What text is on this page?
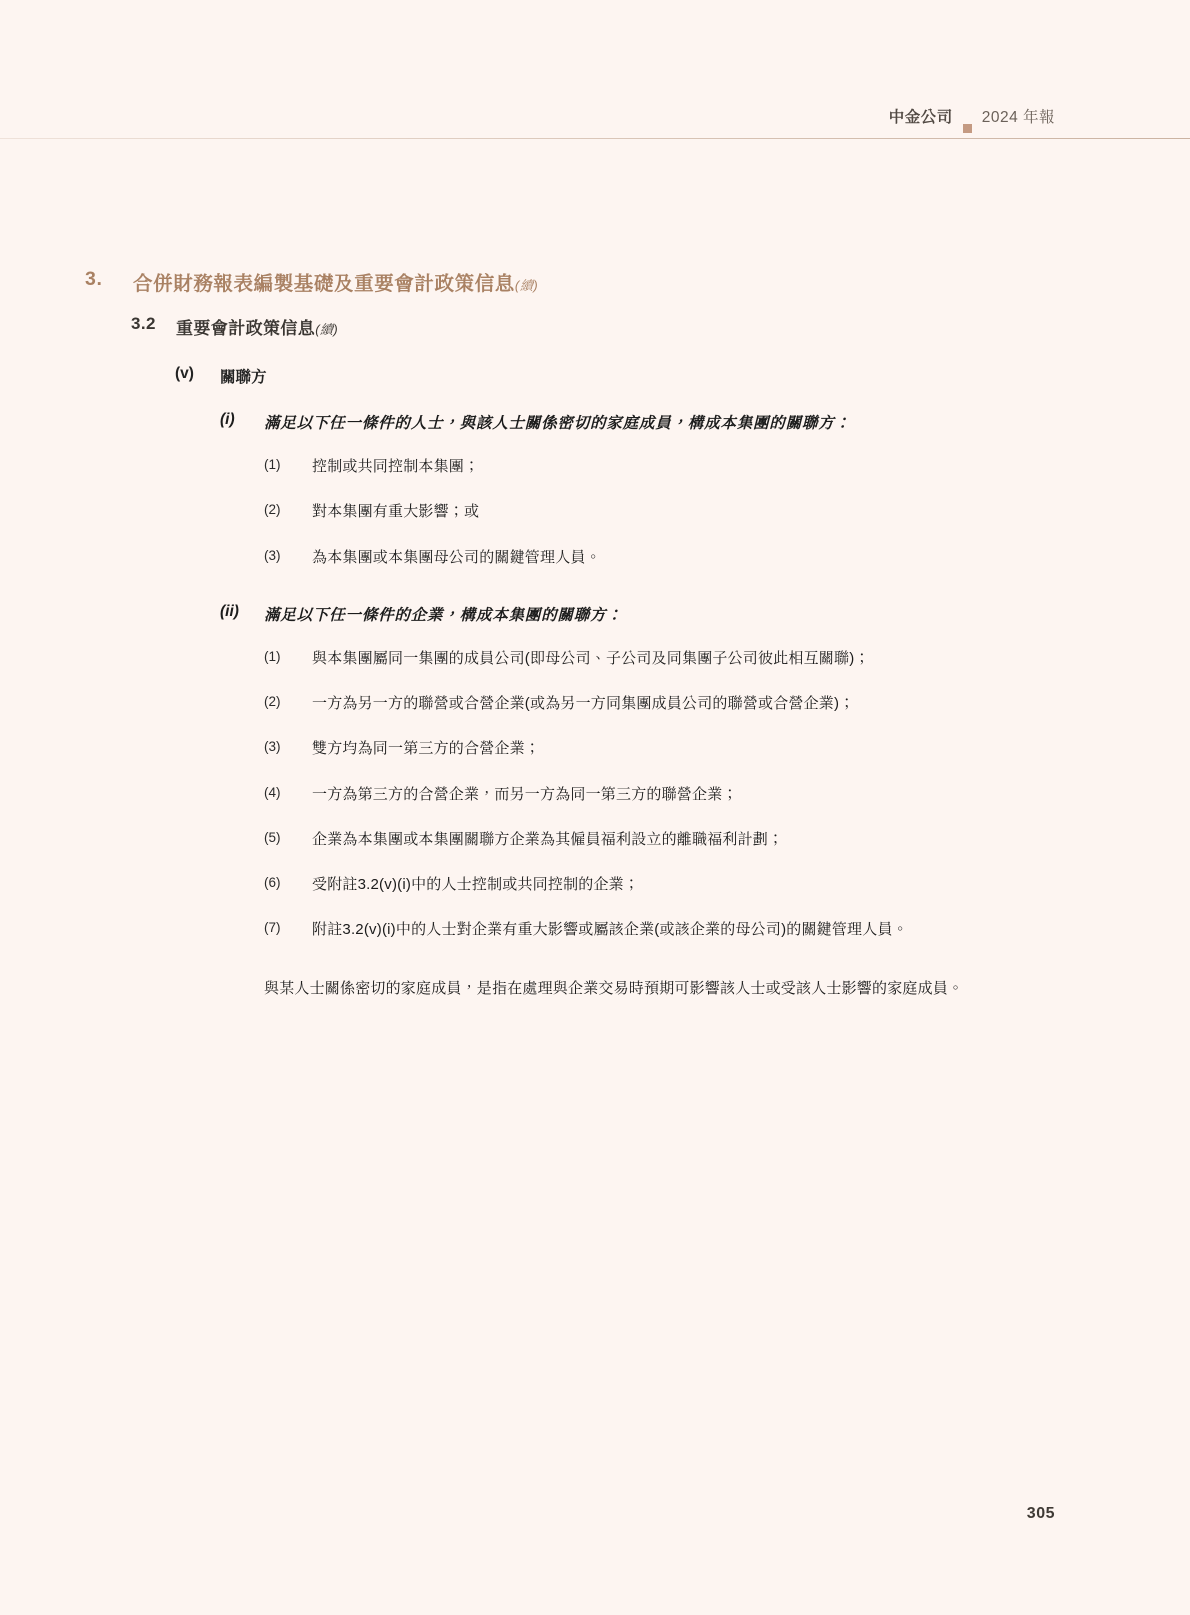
中金公司 2024 年報
3. 合併財務報表編製基礎及重要會計政策信息(續)
3.2 重要會計政策信息(續)
(v) 關聯方
(i) 滿足以下任一條件的人士，與該人士關係密切的家庭成員，構成本集團的關聯方：
(1) 控制或共同控制本集團；
(2) 對本集團有重大影響；或
(3) 為本集團或本集團母公司的關鍵管理人員。
(ii) 滿足以下任一條件的企業，構成本集團的關聯方：
(1) 與本集團屬同一集團的成員公司(即母公司、子公司及同集團子公司彼此相互關聯)；
(2) 一方為另一方的聯營或合營企業(或為另一方同集團成員公司的聯營或合營企業)；
(3) 雙方均為同一第三方的合營企業；
(4) 一方為第三方的合營企業，而另一方為同一第三方的聯營企業；
(5) 企業為本集團或本集團關聯方企業為其僱員福利設立的離職福利計劃；
(6) 受附註3.2(v)(i)中的人士控制或共同控制的企業；
(7) 附註3.2(v)(i)中的人士對企業有重大影響或屬該企業(或該企業的母公司)的關鍵管理人員。
與某人士關係密切的家庭成員，是指在處理與企業交易時預期可影響該人士或受該人士影響的家庭成員。
305
